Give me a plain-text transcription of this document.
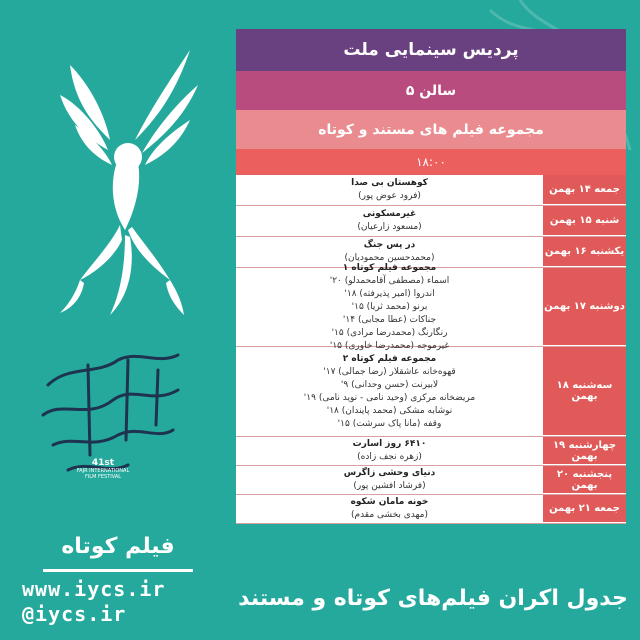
41st
FAJR INTERNATIONAL
FILM FESTIVAL
فیلم کوتاه
www.iycs.ir
@iycs.ir
پردیس سینمایی ملت
سالن ۵
مجموعه فیلم های مستند و کوتاه
۱۸:۰۰
جمعه ۱۴ بهمن
کوهستان بی صدا
(فرود عوض پور)
شنبه ۱۵ بهمن
غیرمسکونی
(مسعود زارعیان)
یکشنبه ۱۶ بهمن
در پس جنگ
(محمدحسین محمودیان)
دوشنبه ۱۷ بهمن
مجموعه فیلم کوتاه ۱
اسماء (مصطفی آقامحمدلو) ۲۰'
اندروا (امیر پذیرفته) ۱۸'
برنو (محمد ثریا) ۱۵'
جناکات (عطا مجابی) ۱۴'
رنگارنگ (محمدرضا مرادی) ۱۵'
غیرموجه (محمدرضا خاوری) ۱۵'
سه‌شنبه ۱۸ بهمن
مجموعه فیلم کوتاه ۲
قهوه‌خانه عاشقلار (رضا جمالی) ۱۷'
لابیرنت (حسن وحدانی) ۹'
مریضخانه مرکزی (وحید نامی - نوید نامی) ۱۹'
نوشابه مشکی (محمد پایندان) ۱۸'
وقفه (مانا پاک سرشت) ۱۵'
چهارشنبه ۱۹ بهمن
۶۴۱۰ روز اسارت
(زهره نجف زاده)
پنجشنبه ۲۰ بهمن
دنیای وحشی زاگرس
(فرشاد افشین پور)
جمعه ۲۱ بهمن
خونه مامان شکوه
(مهدی بخشی مقدم)
جدول اکران فیلم‌های کوتاه و مستند
